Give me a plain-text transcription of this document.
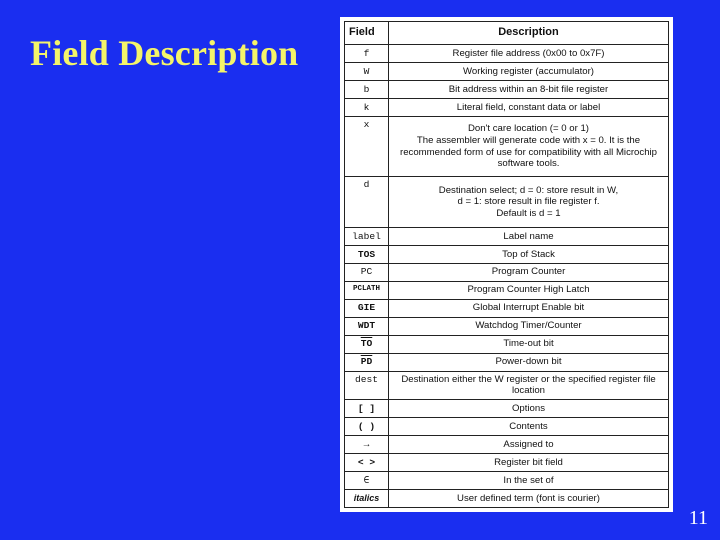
Field Description
Field	Description
f	Register file address (0x00 to 0x7F)
W	Working register (accumulator)
b	Bit address within an 8-bit file register
k	Literal field, constant data or label
x	Don't care location (= 0 or 1)
The assembler will generate code with x = 0. It is the recommended form of use for compatibility with all Microchip software tools.
d	Destination select; d = 0: store result in W,
d = 1: store result in file register f.
Default is d = 1
label	Label name
TOS	Top of Stack
PC	Program Counter
PCLATH	Program Counter High Latch
GIE	Global Interrupt Enable bit
WDT	Watchdog Timer/Counter
$\overline{TO}$	Time-out bit
$\overline{PD}$	Power-down bit
dest	Destination either the W register or the specified register file location
[ ]	Options
( )	Contents
→	Assigned to
< >	Register bit field
∈	In the set of
italics	User defined term (font is courier)
11
